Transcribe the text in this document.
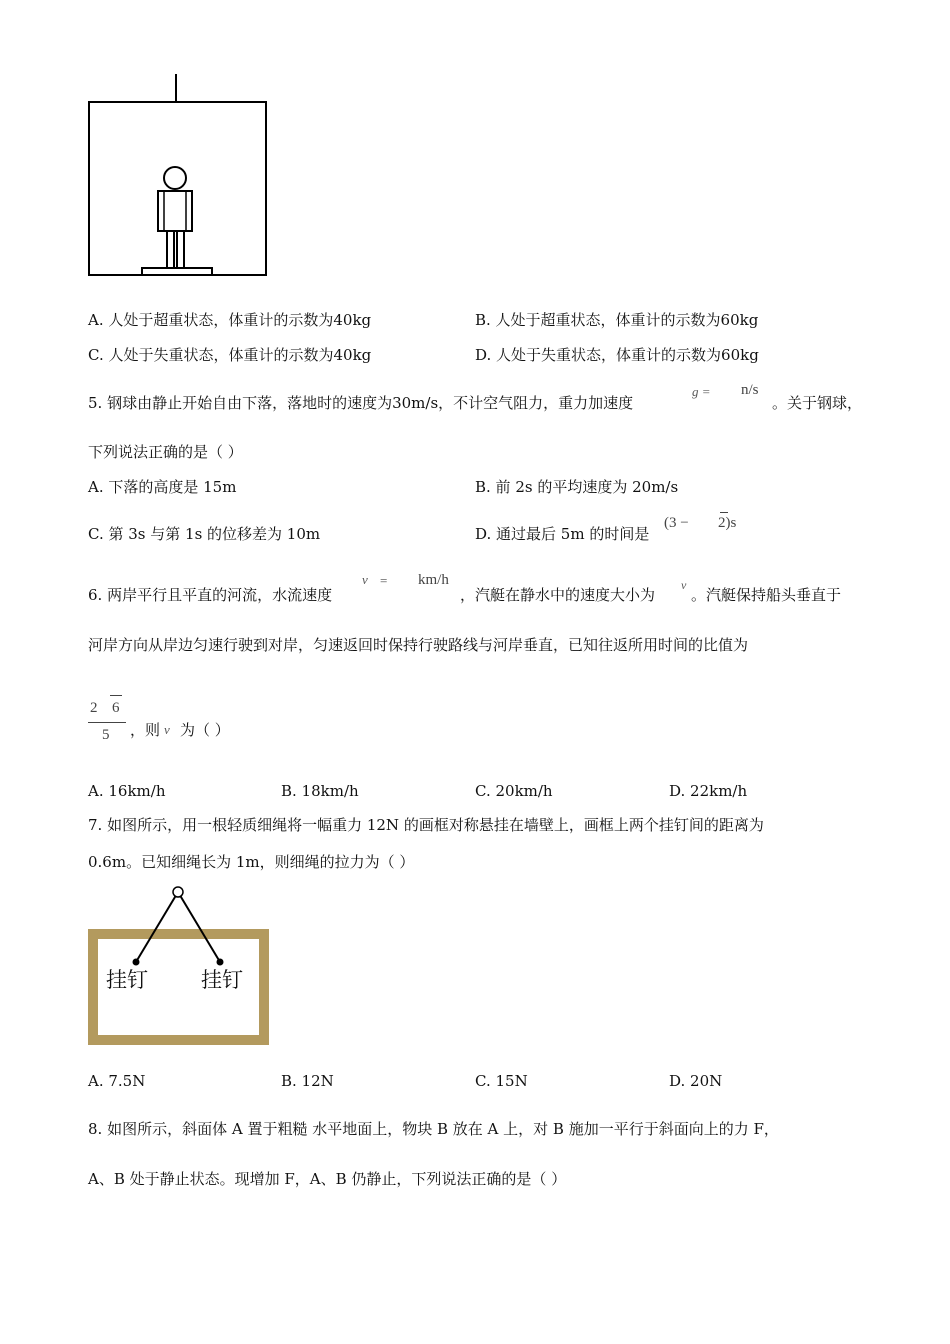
A. 人处于超重状态，体重计的示数为40kg	B. 人处于超重状态，体重计的示数为60kg
C. 人处于失重状态，体重计的示数为40kg	D. 人处于失重状态，体重计的示数为60kg
5. 钢球由静止开始自由下落，落地时的速度为30m/s，不计空气阻力，重力加速度
g = n/s
。关于钢球，
下列说法正确的是（ ）
A. 下落的高度是 15m	B. 前 2s 的平均速度为 20m/s
C. 第 3s 与第 1s 的位移差为 10m	D. 通过最后 5m 的时间是
(3 − 2)s
6. 两岸平行且平直的河流，水流速度
v = km/h
，汽艇在静水中的速度大小为
v
。汽艇保持船头垂直于
河岸方向从岸边匀速行驶到对岸，匀速返回时保持行驶路线与河岸垂直，已知往返所用时间的比值为
2 6
5 ，则 v 为（ ）
A. 16km/h	B. 18km/h	C. 20km/h	D. 22km/h
7. 如图所示，用一根轻质细绳将一幅重力 12N 的画框对称悬挂在墙壁上，画框上两个挂钉间的距离为
0.6m。已知细绳长为 1m，则细绳的拉力为（ ）
挂钉	挂钉
A. 7.5N	B. 12N	C. 15N	D. 20N
8. 如图所示，斜面体 A 置于粗糙 水平地面上，物块 B 放在 A 上，对 B 施加一平行于斜面向上的力 F，
A、B 处于静止状态。现增加 F，A、B 仍静止，下列说法正确的是（ ）
